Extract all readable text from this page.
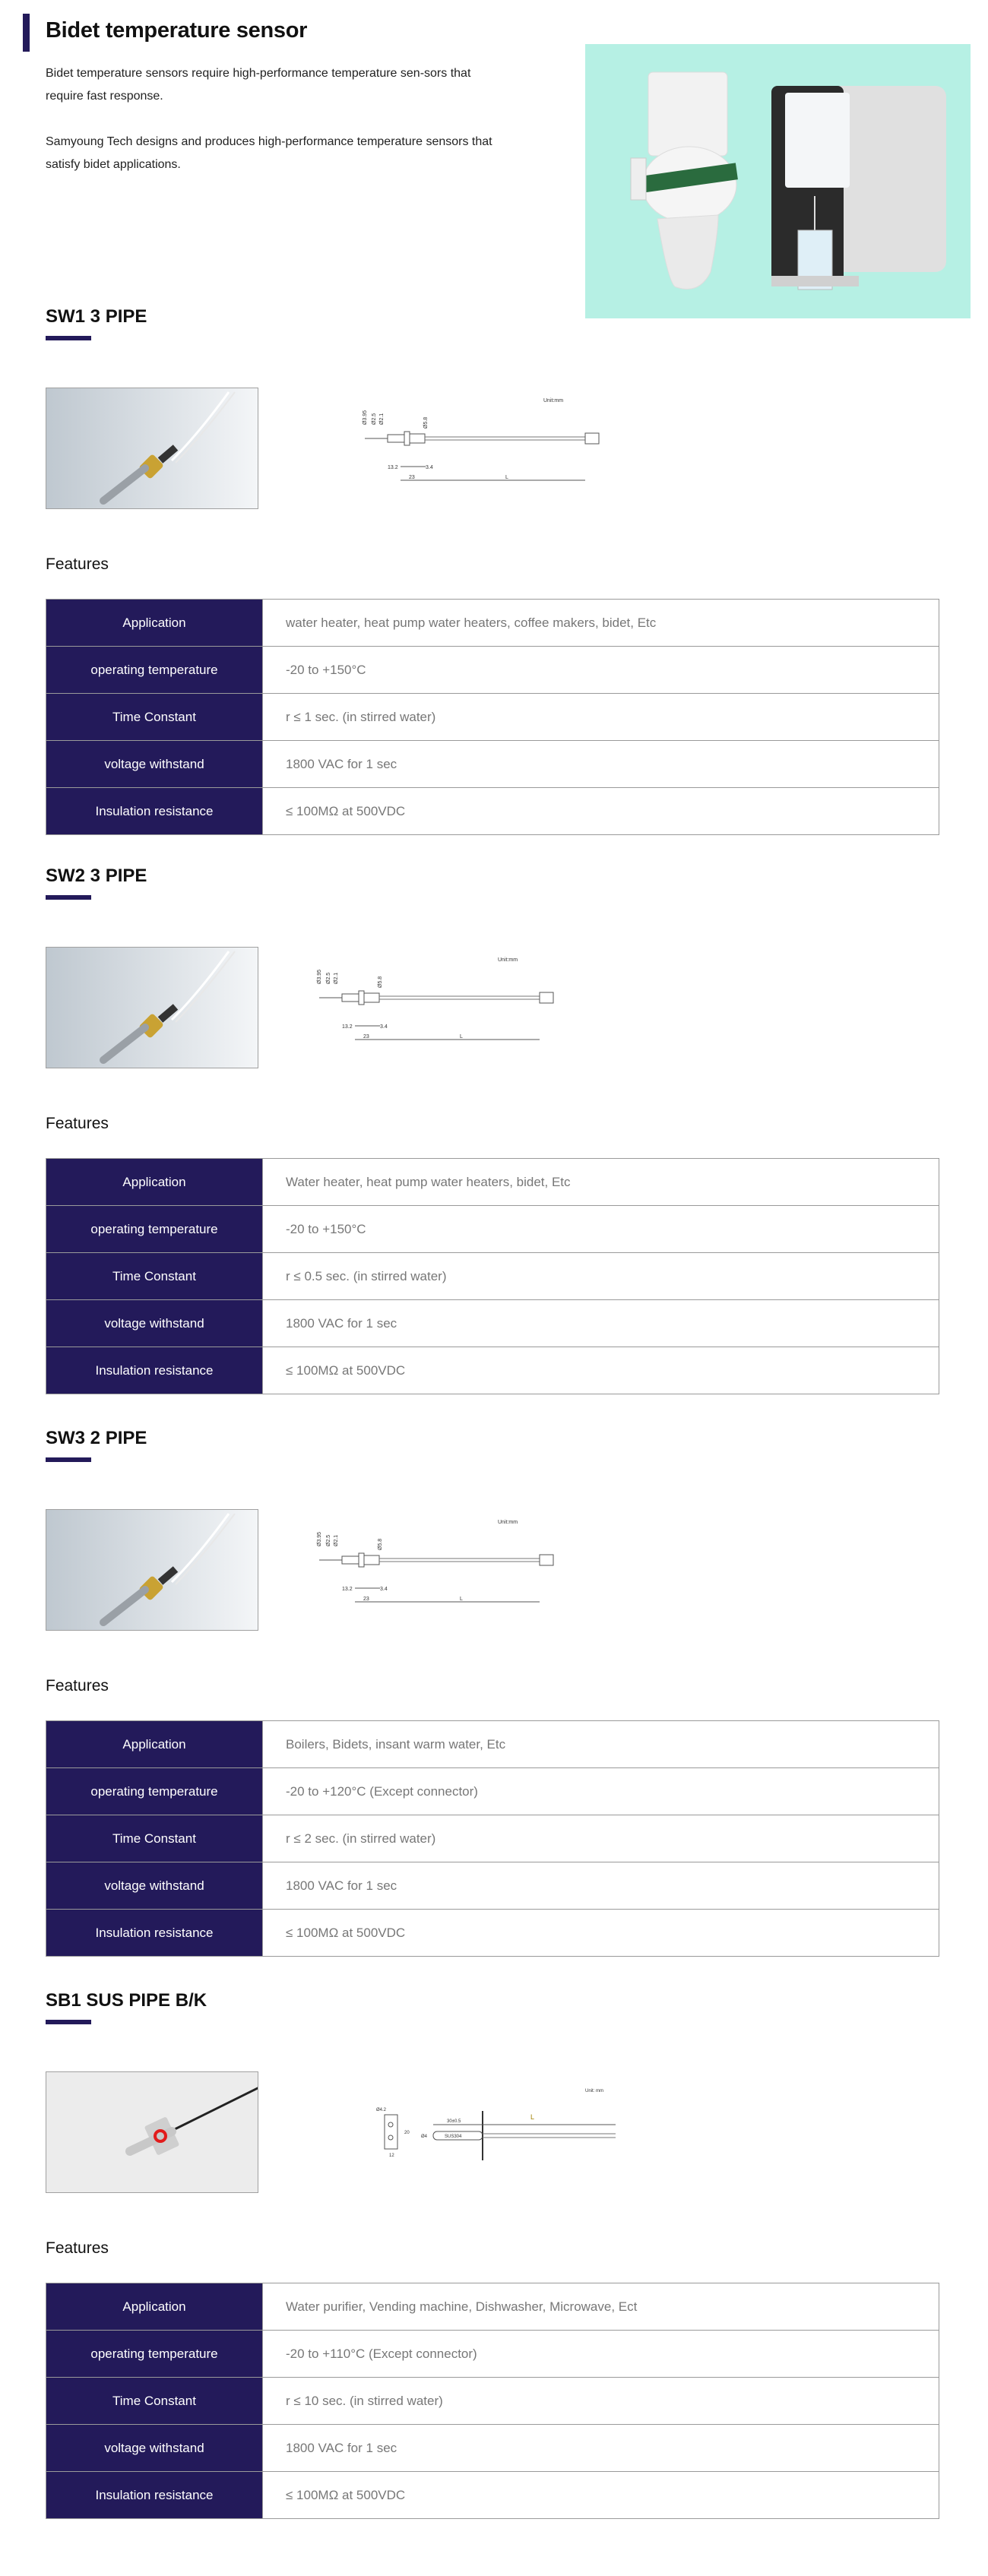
Bidet temperature sensor

Bidet temperature sensors require high-performance temperature sen-sors that require fast response.

Samyoung Tech designs and produces high-performance temperature sensors that satisfy bidet applications.

SW1 3 PIPE
Unit:mm
Ø3.95 Ø2.5 Ø2.1	Ø5.8
13.2	3.4
23	L
Features
Application	water heater, heat pump water heaters, coffee makers, bidet, Etc
operating temperature	-20 to +150°C
Time Constant	r ≤ 1 sec. (in stirred water)
voltage withstand	1800 VAC for 1 sec
Insulation resistance	≤ 100MΩ at 500VDC
SW2 3 PIPE
Unit:mm
Ø3.95 Ø2.5 Ø2.1	Ø5.8
13.2	3.4
23	L
Features
Application	Water heater, heat pump water heaters, bidet, Etc
operating temperature	-20 to +150°C
Time Constant	r ≤ 0.5 sec. (in stirred water)
voltage withstand	1800 VAC for 1 sec
Insulation resistance	≤ 100MΩ at 500VDC
SW3 2 PIPE
Unit:mm
Ø3.95 Ø2.5 Ø2.1	Ø5.8
13.2	3.4
23	L
Features
Application	Boilers, Bidets, insant warm water, Etc
operating temperature	-20 to +120°C (Except connector)
Time Constant	r ≤ 2 sec. (in stirred water)
voltage withstand	1800 VAC for 1 sec
Insulation resistance	≤ 100MΩ at 500VDC
SB1 SUS PIPE B/K
Unit: mm
Ø4.2
12
20
SUS304
Ø4
30±0.5
L
Features
Application	Water purifier, Vending machine, Dishwasher, Microwave, Ect
operating temperature	-20 to +110°C (Except connector)
Time Constant	r ≤ 10 sec. (in stirred water)
voltage withstand	1800 VAC for 1 sec
Insulation resistance	≤ 100MΩ at 500VDC
